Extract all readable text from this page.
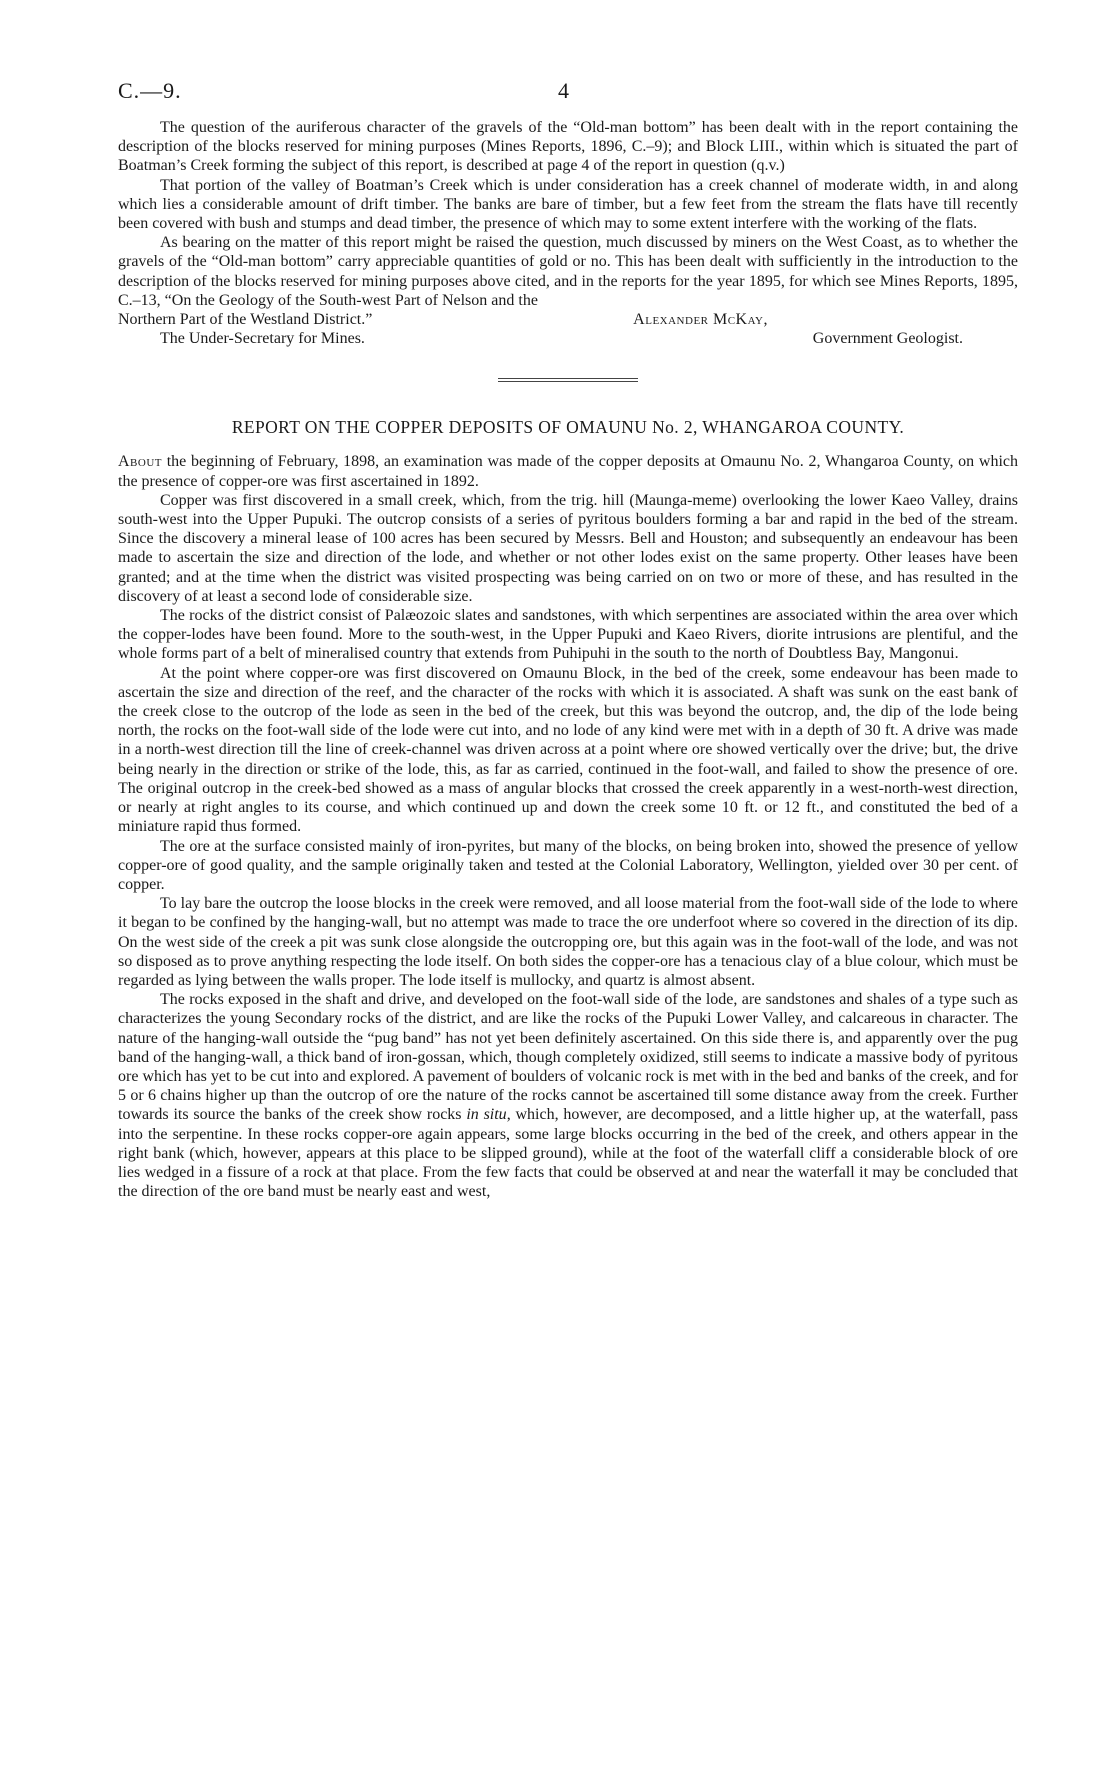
C.—9.	4

The question of the auriferous character of the gravels of the “Old-man bottom” has been dealt with in the report containing the description of the blocks reserved for mining purposes (Mines Reports, 1896, C.–9); and Block LIII., within which is situated the part of Boatman’s Creek forming the subject of this report, is described at page 4 of the report in question (q.v.)

That portion of the valley of Boatman’s Creek which is under consideration has a creek channel of moderate width, in and along which lies a considerable amount of drift timber. The banks are bare of timber, but a few feet from the stream the flats have till recently been covered with bush and stumps and dead timber, the presence of which may to some extent interfere with the working of the flats.

As bearing on the matter of this report might be raised the question, much discussed by miners on the West Coast, as to whether the gravels of the “Old-man bottom” carry appreciable quantities of gold or no. This has been dealt with sufficiently in the introduction to the description of the blocks reserved for mining purposes above cited, and in the reports for the year 1895, for which see Mines Reports, 1895, C.–13, “On the Geology of the South-west Part of Nelson and the

Northern Part of the Westland District.”	Alexander McKay,
The Under-Secretary for Mines.	Government Geologist.
REPORT ON THE COPPER DEPOSITS OF OMAUNU No. 2, WHANGAROA COUNTY.

About the beginning of February, 1898, an examination was made of the copper deposits at Omaunu No. 2, Whangaroa County, on which the presence of copper-ore was first ascertained in 1892.

Copper was first discovered in a small creek, which, from the trig. hill (Maunga-meme) overlooking the lower Kaeo Valley, drains south-west into the Upper Pupuki. The outcrop consists of a series of pyritous boulders forming a bar and rapid in the bed of the stream. Since the discovery a mineral lease of 100 acres has been secured by Messrs. Bell and Houston; and subsequently an endeavour has been made to ascertain the size and direction of the lode, and whether or not other lodes exist on the same property. Other leases have been granted; and at the time when the district was visited prospecting was being carried on on two or more of these, and has resulted in the discovery of at least a second lode of considerable size.

The rocks of the district consist of Palæozoic slates and sandstones, with which serpentines are associated within the area over which the copper-lodes have been found. More to the south-west, in the Upper Pupuki and Kaeo Rivers, diorite intrusions are plentiful, and the whole forms part of a belt of mineralised country that extends from Puhipuhi in the south to the north of Doubtless Bay, Mangonui.

At the point where copper-ore was first discovered on Omaunu Block, in the bed of the creek, some endeavour has been made to ascertain the size and direction of the reef, and the character of the rocks with which it is associated. A shaft was sunk on the east bank of the creek close to the outcrop of the lode as seen in the bed of the creek, but this was beyond the outcrop, and, the dip of the lode being north, the rocks on the foot-wall side of the lode were cut into, and no lode of any kind were met with in a depth of 30 ft. A drive was made in a north-west direction till the line of creek-channel was driven across at a point where ore showed vertically over the drive; but, the drive being nearly in the direction or strike of the lode, this, as far as carried, continued in the foot-wall, and failed to show the presence of ore. The original outcrop in the creek-bed showed as a mass of angular blocks that crossed the creek apparently in a west-north-west direction, or nearly at right angles to its course, and which continued up and down the creek some 10 ft. or 12 ft., and constituted the bed of a miniature rapid thus formed.

The ore at the surface consisted mainly of iron-pyrites, but many of the blocks, on being broken into, showed the presence of yellow copper-ore of good quality, and the sample originally taken and tested at the Colonial Laboratory, Wellington, yielded over 30 per cent. of copper.

To lay bare the outcrop the loose blocks in the creek were removed, and all loose material from the foot-wall side of the lode to where it began to be confined by the hanging-wall, but no attempt was made to trace the ore underfoot where so covered in the direction of its dip. On the west side of the creek a pit was sunk close alongside the outcropping ore, but this again was in the foot-wall of the lode, and was not so disposed as to prove anything respecting the lode itself. On both sides the copper-ore has a tenacious clay of a blue colour, which must be regarded as lying between the walls proper. The lode itself is mullocky, and quartz is almost absent.

The rocks exposed in the shaft and drive, and developed on the foot-wall side of the lode, are sandstones and shales of a type such as characterizes the young Secondary rocks of the district, and are like the rocks of the Pupuki Lower Valley, and calcareous in character. The nature of the hanging-wall outside the “pug band” has not yet been definitely ascertained. On this side there is, and apparently over the pug band of the hanging-wall, a thick band of iron-gossan, which, though completely oxidized, still seems to indicate a massive body of pyritous ore which has yet to be cut into and explored. A pavement of boulders of volcanic rock is met with in the bed and banks of the creek, and for 5 or 6 chains higher up than the outcrop of ore the nature of the rocks cannot be ascertained till some distance away from the creek. Further towards its source the banks of the creek show rocks in situ, which, however, are decomposed, and a little higher up, at the waterfall, pass into the serpentine. In these rocks copper-ore again appears, some large blocks occurring in the bed of the creek, and others appear in the right bank (which, however, appears at this place to be slipped ground), while at the foot of the waterfall cliff a considerable block of ore lies wedged in a fissure of a rock at that place. From the few facts that could be observed at and near the waterfall it may be concluded that the direction of the ore band must be nearly east and west,
